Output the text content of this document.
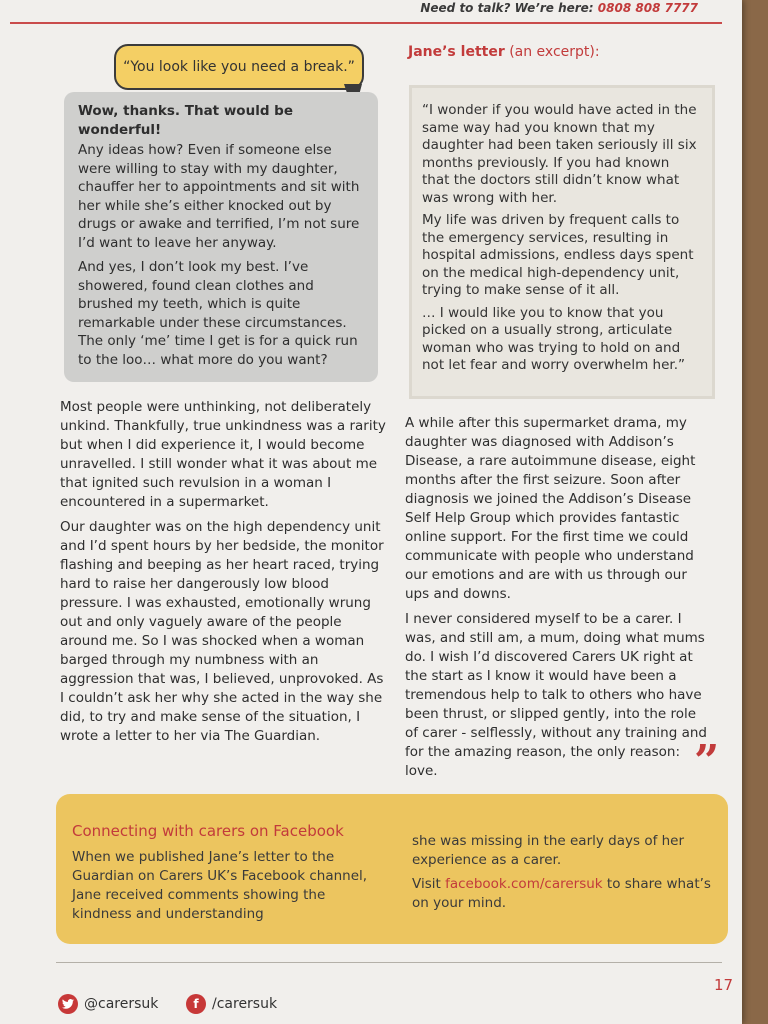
Need to talk? We’re here: 0808 808 7777
“You look like you need a break.”

Wow, thanks. That would be wonderful!

Any ideas how? Even if someone else were willing to stay with my daughter, chauffer her to appointments and sit with her while she’s either knocked out by drugs or awake and terrified, I’m not sure I’d want to leave her anyway.

And yes, I don’t look my best. I’ve showered, found clean clothes and brushed my teeth, which is quite remarkable under these circumstances. The only ‘me’ time I get is for a quick run to the loo… what more do you want?

Jane’s letter (an excerpt):

“I wonder if you would have acted in the same way had you known that my daughter had been taken seriously ill six months previously. If you had known that the doctors still didn’t know what was wrong with her.

My life was driven by frequent calls to the emergency services, resulting in hospital admissions, endless days spent on the medical high-dependency unit, trying to make sense of it all.

… I would like you to know that you picked on a usually strong, articulate woman who was trying to hold on and not let fear and worry overwhelm her.”

Most people were unthinking, not deliberately unkind. Thankfully, true unkindness was a rarity but when I did experience it, I would become unravelled. I still wonder what it was about me that ignited such revulsion in a woman I encountered in a supermarket.

Our daughter was on the high dependency unit and I’d spent hours by her bedside, the monitor flashing and beeping as her heart raced, trying hard to raise her dangerously low blood pressure. I was exhausted, emotionally wrung out and only vaguely aware of the people around me. So I was shocked when a woman barged through my numbness with an aggression that was, I believed, unprovoked. As I couldn’t ask her why she acted in the way she did, to try and make sense of the situation, I wrote a letter to her via The Guardian.

A while after this supermarket drama, my daughter was diagnosed with Addison’s Disease, a rare autoimmune disease, eight months after the first seizure. Soon after diagnosis we joined the Addison’s Disease Self Help Group which provides fantastic online support. For the first time we could communicate with people who understand our emotions and are with us through our ups and downs.

I never considered myself to be a carer. I was, and still am, a mum, doing what mums do. I wish I’d discovered Carers UK right at the start as I know it would have been a tremendous help to talk to others who have been thrust, or slipped gently, into the role of carer - selflessly, without any training and for the amazing reason, the only reason: love.	”
Connecting with carers on Facebook
When we published Jane’s letter to the Guardian on Carers UK’s Facebook channel, Jane received comments showing the kindness and understanding

she was missing in the early days of her experience as a carer.

Visit facebook.com/carersuk to share what’s on your mind.

17
@carersuk	f /carersuk
